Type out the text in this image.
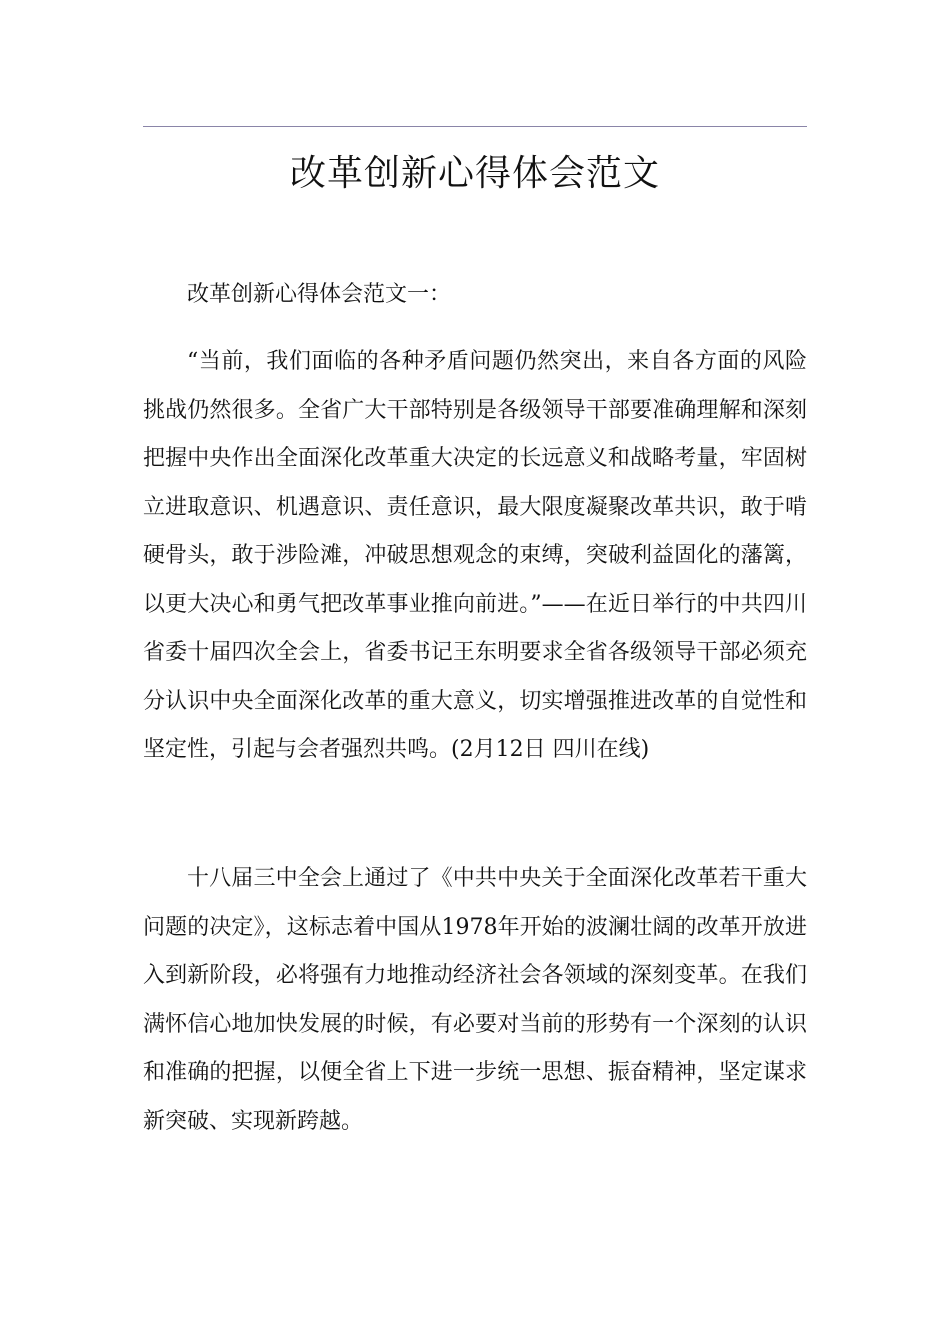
改革创新心得体会范文

改革创新心得体会范文一：

“当前，我们面临的各种矛盾问题仍然突出，来自各方面的风险挑战仍然很多。全省广大干部特别是各级领导干部要准确理解和深刻把握中央作出全面深化改革重大决定的长远意义和战略考量，牢固树立进取意识、机遇意识、责任意识，最大限度凝聚改革共识，敢于啃硬骨头，敢于涉险滩，冲破思想观念的束缚，突破利益固化的藩篱，以更大决心和勇气把改革事业推向前进。”——在近日举行的中共四川省委十届四次全会上，省委书记王东明要求全省各级领导干部必须充分认识中央全面深化改革的重大意义，切实增强推进改革的自觉性和坚定性，引起与会者强烈共鸣。(2月12日 四川在线)

十八届三中全会上通过了《中共中央关于全面深化改革若干重大问题的决定》，这标志着中国从1978年开始的波澜壮阔的改革开放进入到新阶段，必将强有力地推动经济社会各领域的深刻变革。在我们满怀信心地加快发展的时候，有必要对当前的形势有一个深刻的认识和准确的把握，以便全省上下进一步统一思想、振奋精神，坚定谋求新突破、实现新跨越。
